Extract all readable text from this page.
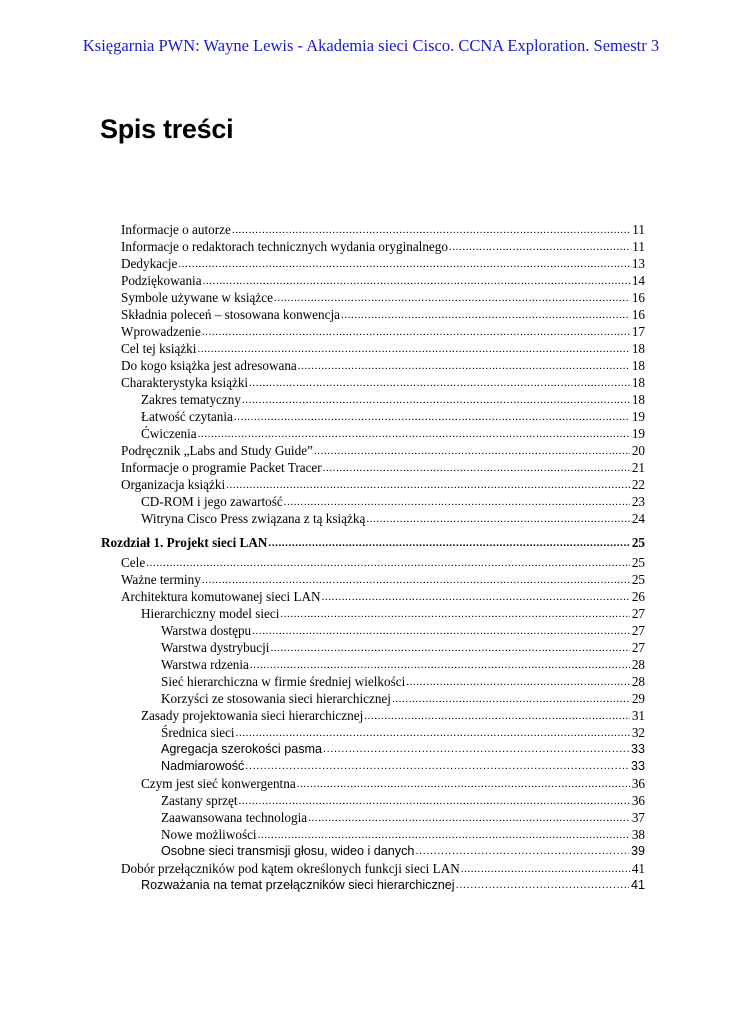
Księgarnia PWN: Wayne Lewis - Akademia sieci Cisco. CCNA Exploration. Semestr 3
Spis treści
Informacje o autorze .....	11
Informacje o redaktorach technicznych wydania oryginalnego .....	11
Dedykacje .....	13
Podziękowania .....	14
Symbole używane w książce .....	16
Składnia poleceń – stosowana konwencja .....	16
Wprowadzenie .....	17
Cel tej książki .....	18
Do kogo książka jest adresowana .....	18
Charakterystyka książki .....	18
Zakres tematyczny .....	18
Łatwość czytania .....	19
Ćwiczenia .....	19
Podręcznik „Labs and Study Guide” .....	20
Informacje o programie Packet Tracer .....	21
Organizacja książki .....	22
CD-ROM i jego zawartość .....	23
Witryna Cisco Press związana z tą książką .....	24
Rozdział 1. Projekt sieci LAN .....	25
Cele .....	25
Ważne terminy .....	25
Architektura komutowanej sieci LAN .....	26
Hierarchiczny model sieci .....	27
Warstwa dostępu .....	27
Warstwa dystrybucji .....	27
Warstwa rdzenia .....	28
Sieć hierarchiczna w firmie średniej wielkości .....	28
Korzyści ze stosowania sieci hierarchicznej .....	29
Zasady projektowania sieci hierarchicznej .....	31
Średnica sieci .....	32
Agregacja szerokości pasma .....	33
Nadmiarowość .....	33
Czym jest sieć konwergentna .....	36
Zastany sprzęt .....	36
Zaawansowana technologia .....	37
Nowe możliwości .....	38
Osobne sieci transmisji głosu, wideo i danych .....	39
Dobór przełączników pod kątem określonych funkcji sieci LAN .....	41
Rozważania na temat przełączników sieci hierarchicznej .....	41
